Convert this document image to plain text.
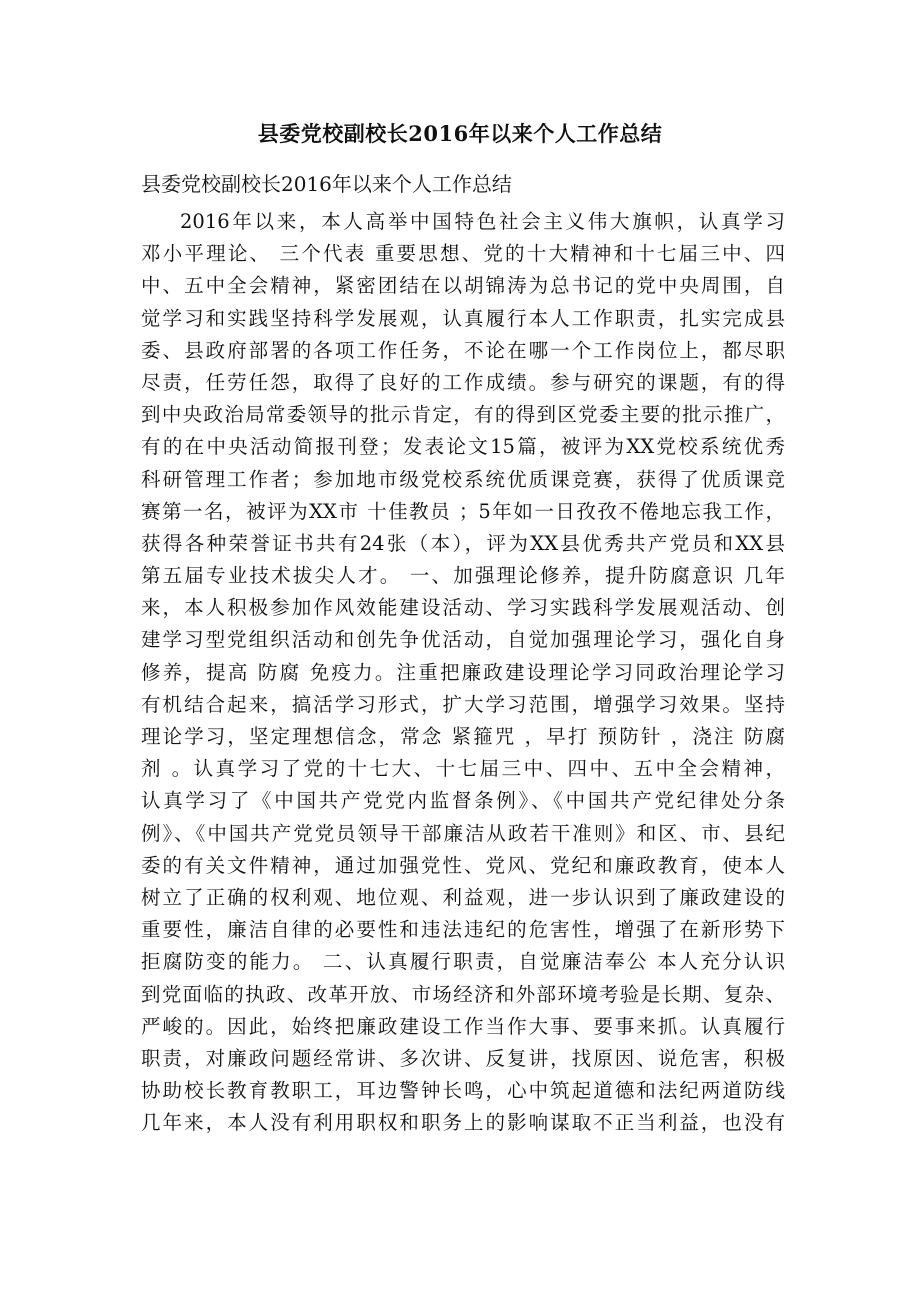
县委党校副校长2016年以来个人工作总结
县委党校副校长2016年以来个人工作总结
2016年以来，本人高举中国特色社会主义伟大旗帜，认真学习
邓小平理论、 三个代表 重要思想、党的十大精神和十七届三中、四
中、五中全会精神，紧密团结在以胡锦涛为总书记的党中央周围，自
觉学习和实践坚持科学发展观，认真履行本人工作职责，扎实完成县
委、县政府部署的各项工作任务，不论在哪一个工作岗位上，都尽职
尽责，任劳任怨，取得了良好的工作成绩。参与研究的课题，有的得
到中央政治局常委领导的批示肯定，有的得到区党委主要的批示推广，
有的在中央活动简报刊登；发表论文15篇，被评为XX党校系统优秀
科研管理工作者；参加地市级党校系统优质课竞赛，获得了优质课竞
赛第一名，被评为XX市 十佳教员 ；5年如一日孜孜不倦地忘我工作，
获得各种荣誉证书共有24张（本），评为XX县优秀共产党员和XX县
第五届专业技术拔尖人才。 一、加强理论修养，提升防腐意识 几年
来，本人积极参加作风效能建设活动、学习实践科学发展观活动、创
建学习型党组织活动和创先争优活动，自觉加强理论学习，强化自身
修养，提高 防腐 免疫力。注重把廉政建设理论学习同政治理论学习
有机结合起来，搞活学习形式，扩大学习范围，增强学习效果。坚持
理论学习，坚定理想信念，常念 紧箍咒 ，早打 预防针 ，浇注 防腐
剂 。认真学习了党的十七大、十七届三中、四中、五中全会精神，
认真学习了《中国共产党党内监督条例》、《中国共产党纪律处分条
例》、《中国共产党党员领导干部廉洁从政若干准则》和区、市、县纪
委的有关文件精神，通过加强党性、党风、党纪和廉政教育，使本人
树立了正确的权利观、地位观、利益观，进一步认识到了廉政建设的
重要性，廉洁自律的必要性和违法违纪的危害性，增强了在新形势下
拒腐防变的能力。 二、认真履行职责，自觉廉洁奉公 本人充分认识
到党面临的执政、改革开放、市场经济和外部环境考验是长期、复杂、
严峻的。因此，始终把廉政建设工作当作大事、要事来抓。认真履行
职责，对廉政问题经常讲、多次讲、反复讲，找原因、说危害，积极
协助校长教育教职工，耳边警钟长鸣，心中筑起道德和法纪两道防线
几年来，本人没有利用职权和职务上的影响谋取不正当利益，也没有
